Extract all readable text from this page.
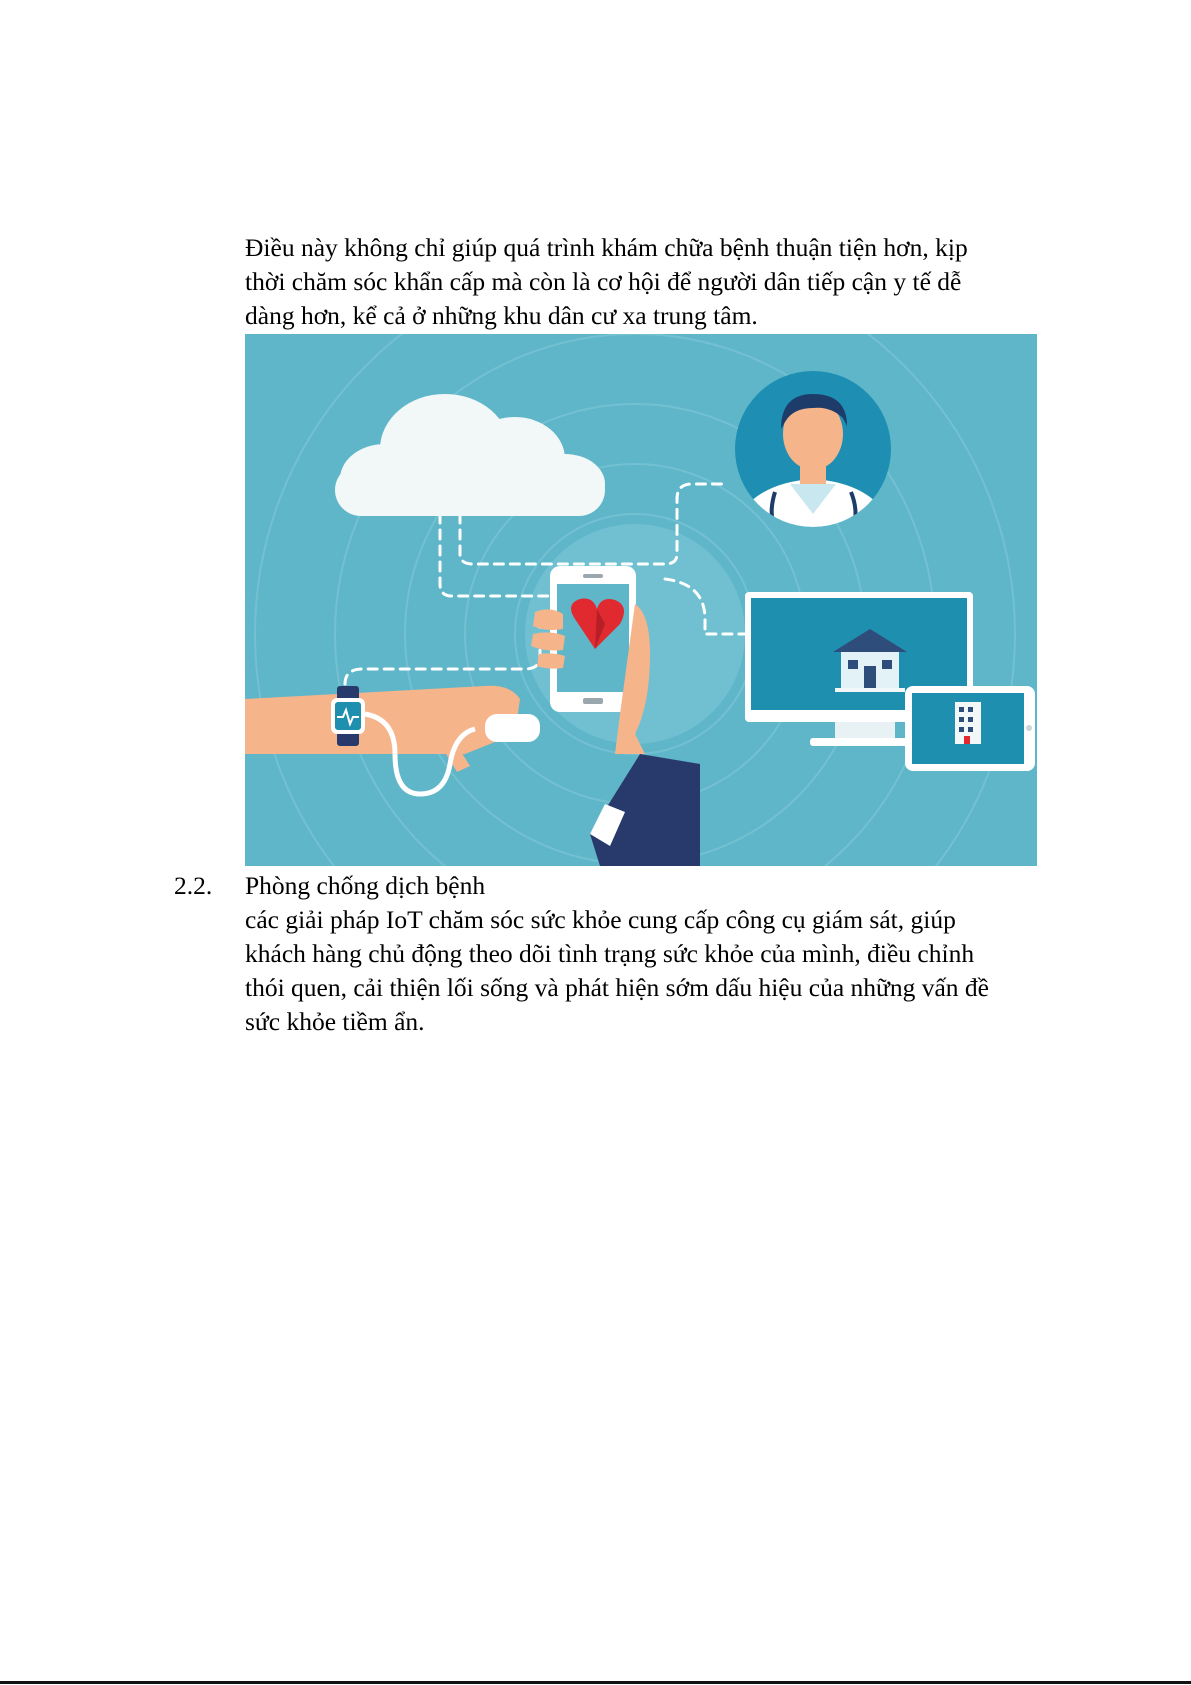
Điều này không chỉ giúp quá trình khám chữa bệnh thuận tiện hơn, kịp
thời chăm sóc khẩn cấp mà còn là cơ hội để người dân tiếp cận y tế dễ
dàng hơn, kể cả ở những khu dân cư xa trung tâm.

2.2. Phòng chống dịch bệnh

các giải pháp IoT chăm sóc sức khỏe cung cấp công cụ giám sát, giúp
khách hàng chủ động theo dõi tình trạng sức khỏe của mình, điều chỉnh
thói quen, cải thiện lối sống và phát hiện sớm dấu hiệu của những vấn đề
sức khỏe tiềm ẩn.
